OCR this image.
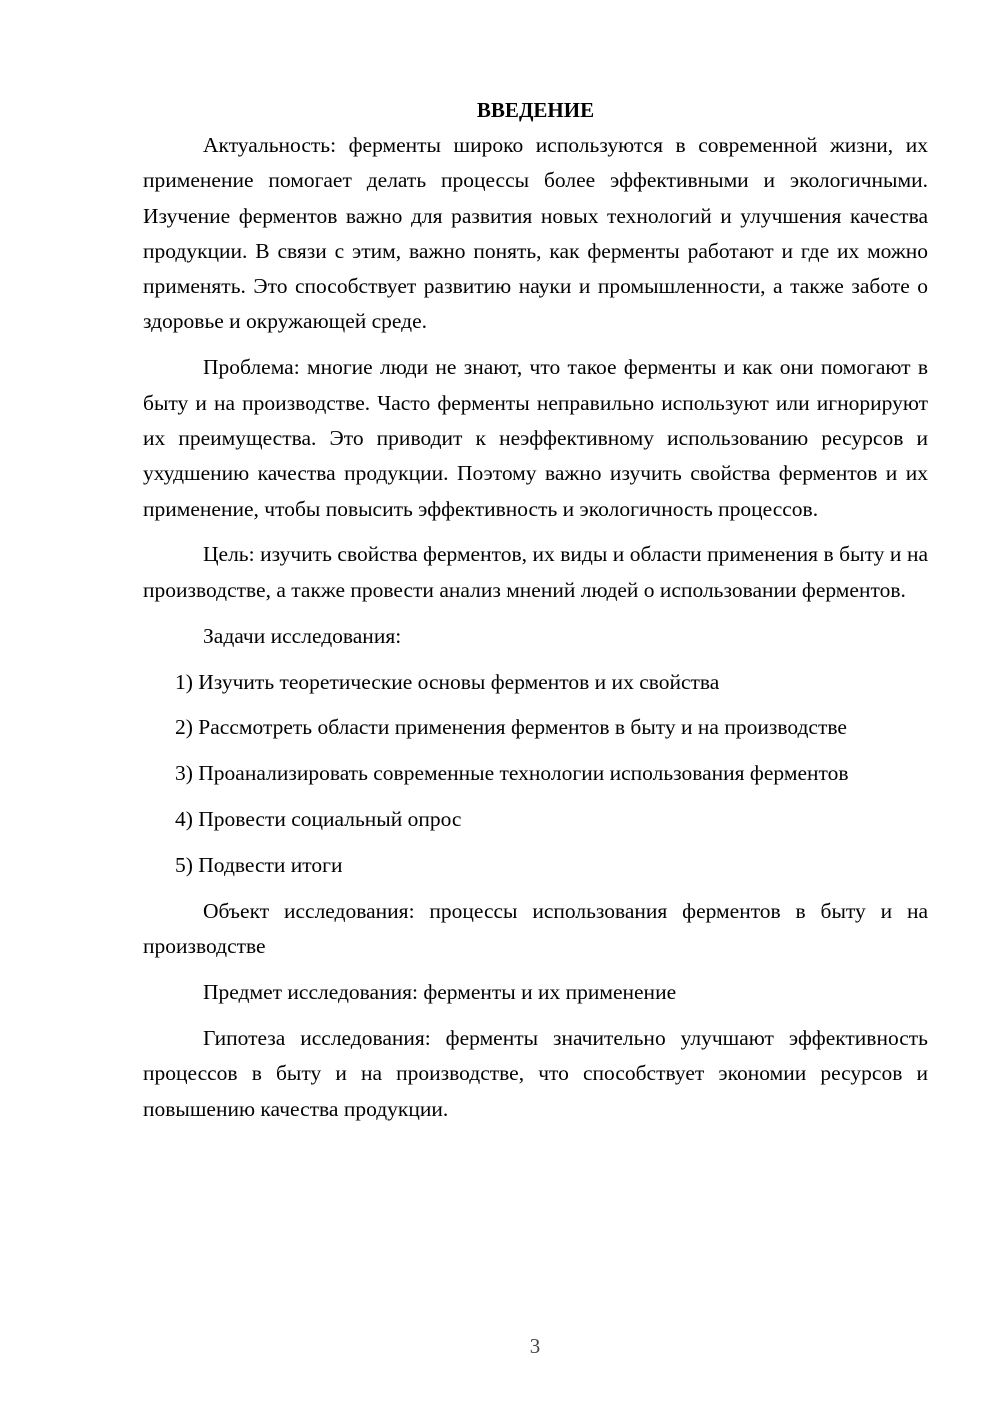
ВВЕДЕНИЕ

Актуальность: ферменты широко используются в современной жизни, их применение помогает делать процессы более эффективными и экологичными. Изучение ферментов важно для развития новых технологий и улучшения качества продукции. В связи с этим, важно понять, как ферменты работают и где их можно применять. Это способствует развитию науки и промышленности, а также заботе о здоровье и окружающей среде.

Проблема: многие люди не знают, что такое ферменты и как они помогают в быту и на производстве. Часто ферменты неправильно используют или игнорируют их преимущества. Это приводит к неэффективному использованию ресурсов и ухудшению качества продукции. Поэтому важно изучить свойства ферментов и их применение, чтобы повысить эффективность и экологичность процессов.

Цель: изучить свойства ферментов, их виды и области применения в быту и на производстве, а также провести анализ мнений людей о использовании ферментов.

Задачи исследования:

1) Изучить теоретические основы ферментов и их свойства

2) Рассмотреть области применения ферментов в быту и на производстве

3) Проанализировать современные технологии использования ферментов

4) Провести социальный опрос

5) Подвести итоги

Объект исследования: процессы использования ферментов в быту и на производстве

Предмет исследования: ферменты и их применение

Гипотеза исследования: ферменты значительно улучшают эффективность процессов в быту и на производстве, что способствует экономии ресурсов и повышению качества продукции.

3
